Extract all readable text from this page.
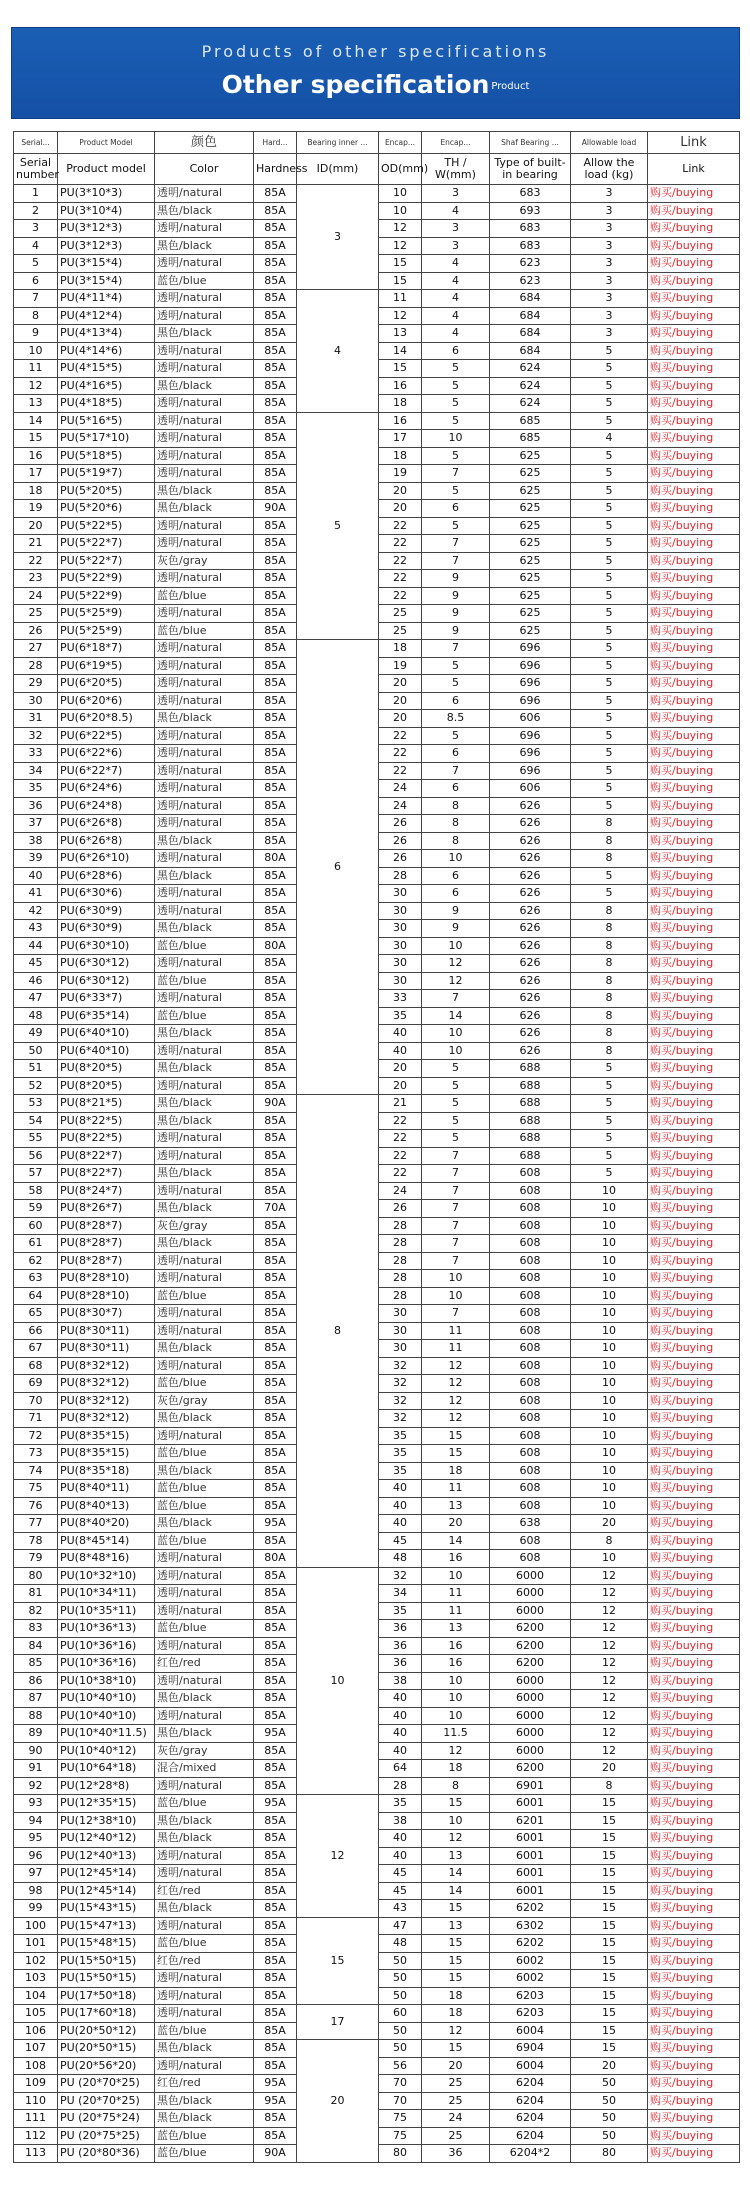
Products of other specifications
Other specification Product
Serial...	Product Model	颜色	Hard...	Bearing inner ...	Encap...	Encap...	Shaf Bearing ...	Allowable load	Link
Serial number	Product model	Color	Hardness	ID(mm)	OD(mm)	TH / W(mm)	Type of built-in bearing	Allow the load (kg)	Link
1	PU(3*10*3)	透明/natural	85A	3	10	3	683	3	购买/buying
2	PU(3*10*4)	黑色/black	85A		10	4	693	3	购买/buying
3	PU(3*12*3)	透明/natural	85A		12	3	683	3	购买/buying
4	PU(3*12*3)	黑色/black	85A		12	3	683	3	购买/buying
5	PU(3*15*4)	透明/natural	85A		15	4	623	3	购买/buying
6	PU(3*15*4)	蓝色/blue	85A		15	4	623	3	购买/buying
7	PU(4*11*4)	透明/natural	85A	4	11	4	684	3	购买/buying
8	PU(4*12*4)	透明/natural	85A		12	4	684	3	购买/buying
9	PU(4*13*4)	黑色/black	85A		13	4	684	3	购买/buying
10	PU(4*14*6)	透明/natural	85A		14	6	684	5	购买/buying
11	PU(4*15*5)	透明/natural	85A		15	5	624	5	购买/buying
12	PU(4*16*5)	黑色/black	85A		16	5	624	5	购买/buying
13	PU(4*18*5)	透明/natural	85A		18	5	624	5	购买/buying
14	PU(5*16*5)	透明/natural	85A	5	16	5	685	5	购买/buying
15	PU(5*17*10)	透明/natural	85A		17	10	685	4	购买/buying
16	PU(5*18*5)	透明/natural	85A		18	5	625	5	购买/buying
17	PU(5*19*7)	透明/natural	85A		19	7	625	5	购买/buying
18	PU(5*20*5)	黑色/black	85A		20	5	625	5	购买/buying
19	PU(5*20*6)	黑色/black	90A		20	6	625	5	购买/buying
20	PU(5*22*5)	透明/natural	85A		22	5	625	5	购买/buying
21	PU(5*22*7)	透明/natural	85A		22	7	625	5	购买/buying
22	PU(5*22*7)	灰色/gray	85A		22	7	625	5	购买/buying
23	PU(5*22*9)	透明/natural	85A		22	9	625	5	购买/buying
24	PU(5*22*9)	蓝色/blue	85A		22	9	625	5	购买/buying
25	PU(5*25*9)	透明/natural	85A		25	9	625	5	购买/buying
26	PU(5*25*9)	蓝色/blue	85A		25	9	625	5	购买/buying
27	PU(6*18*7)	透明/natural	85A	6	18	7	696	5	购买/buying
28	PU(6*19*5)	透明/natural	85A		19	5	696	5	购买/buying
29	PU(6*20*5)	透明/natural	85A		20	5	696	5	购买/buying
30	PU(6*20*6)	透明/natural	85A		20	6	696	5	购买/buying
31	PU(6*20*8.5)	黑色/black	85A		20	8.5	606	5	购买/buying
32	PU(6*22*5)	透明/natural	85A		22	5	696	5	购买/buying
33	PU(6*22*6)	透明/natural	85A		22	6	696	5	购买/buying
34	PU(6*22*7)	透明/natural	85A		22	7	696	5	购买/buying
35	PU(6*24*6)	透明/natural	85A		24	6	606	5	购买/buying
36	PU(6*24*8)	透明/natural	85A		24	8	626	5	购买/buying
37	PU(6*26*8)	透明/natural	85A		26	8	626	8	购买/buying
38	PU(6*26*8)	黑色/black	85A		26	8	626	8	购买/buying
39	PU(6*26*10)	透明/natural	80A		26	10	626	8	购买/buying
40	PU(6*28*6)	黑色/black	85A		28	6	626	5	购买/buying
41	PU(6*30*6)	透明/natural	85A		30	6	626	5	购买/buying
42	PU(6*30*9)	透明/natural	85A		30	9	626	8	购买/buying
43	PU(6*30*9)	黑色/black	85A		30	9	626	8	购买/buying
44	PU(6*30*10)	蓝色/blue	80A		30	10	626	8	购买/buying
45	PU(6*30*12)	透明/natural	85A		30	12	626	8	购买/buying
46	PU(6*30*12)	蓝色/blue	85A		30	12	626	8	购买/buying
47	PU(6*33*7)	透明/natural	85A		33	7	626	8	购买/buying
48	PU(6*35*14)	蓝色/blue	85A		35	14	626	8	购买/buying
49	PU(6*40*10)	黑色/black	85A		40	10	626	8	购买/buying
50	PU(6*40*10)	透明/natural	85A		40	10	626	8	购买/buying
51	PU(8*20*5)	黑色/black	85A		20	5	688	5	购买/buying
52	PU(8*20*5)	透明/natural	85A		20	5	688	5	购买/buying
53	PU(8*21*5)	黑色/black	90A	8	21	5	688	5	购买/buying
54	PU(8*22*5)	黑色/black	85A		22	5	688	5	购买/buying
55	PU(8*22*5)	透明/natural	85A		22	5	688	5	购买/buying
56	PU(8*22*7)	透明/natural	85A		22	7	688	5	购买/buying
57	PU(8*22*7)	黑色/black	85A		22	7	608	5	购买/buying
58	PU(8*24*7)	透明/natural	85A		24	7	608	10	购买/buying
59	PU(8*26*7)	黑色/black	70A		26	7	608	10	购买/buying
60	PU(8*28*7)	灰色/gray	85A		28	7	608	10	购买/buying
61	PU(8*28*7)	黑色/black	85A		28	7	608	10	购买/buying
62	PU(8*28*7)	透明/natural	85A		28	7	608	10	购买/buying
63	PU(8*28*10)	透明/natural	85A		28	10	608	10	购买/buying
64	PU(8*28*10)	蓝色/blue	85A		28	10	608	10	购买/buying
65	PU(8*30*7)	透明/natural	85A		30	7	608	10	购买/buying
66	PU(8*30*11)	透明/natural	85A		30	11	608	10	购买/buying
67	PU(8*30*11)	黑色/black	85A		30	11	608	10	购买/buying
68	PU(8*32*12)	透明/natural	85A		32	12	608	10	购买/buying
69	PU(8*32*12)	蓝色/blue	85A		32	12	608	10	购买/buying
70	PU(8*32*12)	灰色/gray	85A		32	12	608	10	购买/buying
71	PU(8*32*12)	黑色/black	85A		32	12	608	10	购买/buying
72	PU(8*35*15)	透明/natural	85A		35	15	608	10	购买/buying
73	PU(8*35*15)	蓝色/blue	85A		35	15	608	10	购买/buying
74	PU(8*35*18)	黑色/black	85A		35	18	608	10	购买/buying
75	PU(8*40*11)	蓝色/blue	85A		40	11	608	10	购买/buying
76	PU(8*40*13)	蓝色/blue	85A		40	13	608	10	购买/buying
77	PU(8*40*20)	黑色/black	95A		40	20	638	20	购买/buying
78	PU(8*45*14)	蓝色/blue	85A		45	14	608	8	购买/buying
79	PU(8*48*16)	透明/natural	80A		48	16	608	10	购买/buying
80	PU(10*32*10)	透明/natural	85A	10	32	10	6000	12	购买/buying
81	PU(10*34*11)	透明/natural	85A		34	11	6000	12	购买/buying
82	PU(10*35*11)	透明/natural	85A		35	11	6000	12	购买/buying
83	PU(10*36*13)	蓝色/blue	85A		36	13	6200	12	购买/buying
84	PU(10*36*16)	透明/natural	85A		36	16	6200	12	购买/buying
85	PU(10*36*16)	红色/red	85A		36	16	6200	12	购买/buying
86	PU(10*38*10)	透明/natural	85A		38	10	6000	12	购买/buying
87	PU(10*40*10)	黑色/black	85A		40	10	6000	12	购买/buying
88	PU(10*40*10)	透明/natural	85A		40	10	6000	12	购买/buying
89	PU(10*40*11.5)	黑色/black	95A		40	11.5	6000	12	购买/buying
90	PU(10*40*12)	灰色/gray	85A		40	12	6000	12	购买/buying
91	PU(10*64*18)	混合/mixed	85A		64	18	6200	20	购买/buying
92	PU(12*28*8)	透明/natural	85A		28	8	6901	8	购买/buying
93	PU(12*35*15)	蓝色/blue	95A	12	35	15	6001	15	购买/buying
94	PU(12*38*10)	黑色/black	85A		38	10	6201	15	购买/buying
95	PU(12*40*12)	黑色/black	85A		40	12	6001	15	购买/buying
96	PU(12*40*13)	透明/natural	85A		40	13	6001	15	购买/buying
97	PU(12*45*14)	透明/natural	85A		45	14	6001	15	购买/buying
98	PU(12*45*14)	红色/red	85A		45	14	6001	15	购买/buying
99	PU(15*43*15)	黑色/black	85A		43	15	6202	15	购买/buying
100	PU(15*47*13)	透明/natural	85A	15	47	13	6302	15	购买/buying
101	PU(15*48*15)	蓝色/blue	85A		48	15	6202	15	购买/buying
102	PU(15*50*15)	红色/red	85A		50	15	6002	15	购买/buying
103	PU(15*50*15)	透明/natural	85A		50	15	6002	15	购买/buying
104	PU(17*50*18)	透明/natural	85A		50	18	6203	15	购买/buying
105	PU(17*60*18)	透明/natural	85A	17	60	18	6203	15	购买/buying
106	PU(20*50*12)	蓝色/blue	85A		50	12	6004	15	购买/buying
107	PU(20*50*15)	黑色/black	85A	20	50	15	6904	15	购买/buying
108	PU(20*56*20)	透明/natural	85A		56	20	6004	20	购买/buying
109	PU (20*70*25)	红色/red	95A		70	25	6204	50	购买/buying
110	PU (20*70*25)	黑色/black	95A		70	25	6204	50	购买/buying
111	PU (20*75*24)	黑色/black	85A		75	24	6204	50	购买/buying
112	PU (20*75*25)	蓝色/blue	85A		75	25	6204	50	购买/buying
113	PU (20*80*36)	蓝色/blue	90A		80	36	6204*2	80	购买/buying
